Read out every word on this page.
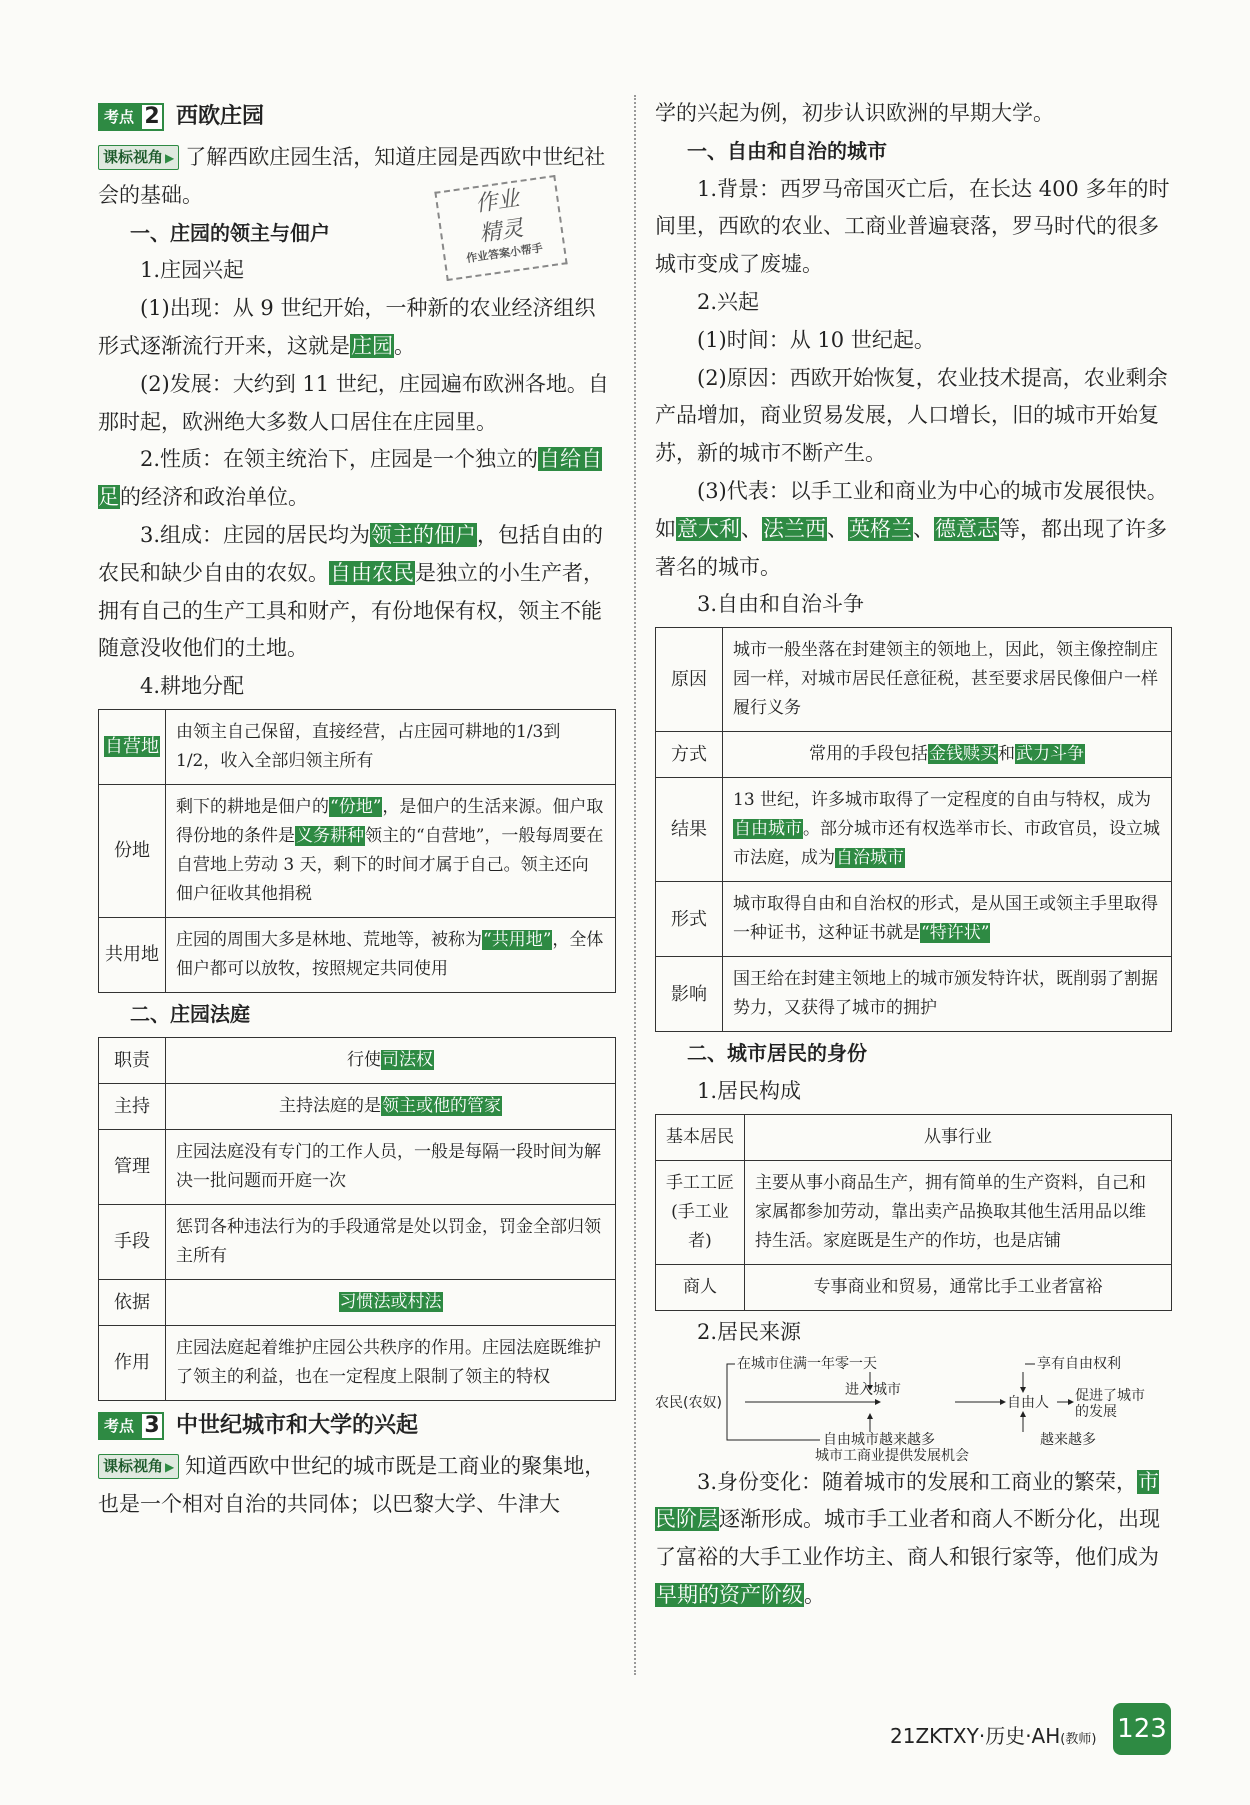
作业
精灵
作业答案小帮手
考点 2 西欧庄园

课标视角 ▶ 了解西欧庄园生活，知道庄园是西欧中世纪社会的基础。

一、庄园的领主与佃户

1.庄园兴起

(1)出现：从 9 世纪开始，一种新的农业经济组织形式逐渐流行开来，这就是庄园。

(2)发展：大约到 11 世纪，庄园遍布欧洲各地。自那时起，欧洲绝大多数人口居住在庄园里。

2.性质：在领主统治下，庄园是一个独立的自给自足的经济和政治单位。

3.组成：庄园的居民均为领主的佃户，包括自由的农民和缺少自由的农奴。自由农民是独立的小生产者，拥有自己的生产工具和财产，有份地保有权，领主不能随意没收他们的土地。

4.耕地分配

自营地	由领主自己保留，直接经营，占庄园可耕地的1/3到 1/2，收入全部归领主所有
份地	剩下的耕地是佃户的“份地”，是佃户的生活来源。佃户取得份地的条件是义务耕种领主的“自营地”，一般每周要在自营地上劳动 3 天，剩下的时间才属于自己。领主还向佃户征收其他捐税
共用地	庄园的周围大多是林地、荒地等，被称为“共用地”，全体佃户都可以放牧，按照规定共同使用

二、庄园法庭

职责	行使司法权
主持	主持法庭的是领主或他的管家
管理	庄园法庭没有专门的工作人员，一般是每隔一段时间为解决一批问题而开庭一次
手段	惩罚各种违法行为的手段通常是处以罚金，罚金全部归领主所有
依据	习惯法或村法
作用	庄园法庭起着维护庄园公共秩序的作用。庄园法庭既维护了领主的利益，也在一定程度上限制了领主的特权
考点 3 中世纪城市和大学的兴起

课标视角 ▶ 知道西欧中世纪的城市既是工商业的聚集地，也是一个相对自治的共同体；以巴黎大学、牛津大

学的兴起为例，初步认识欧洲的早期大学。

一、自由和自治的城市

1.背景：西罗马帝国灭亡后，在长达 400 多年的时间里，西欧的农业、工商业普遍衰落，罗马时代的很多城市变成了废墟。

2.兴起

(1)时间：从 10 世纪起。

(2)原因：西欧开始恢复，农业技术提高，农业剩余产品增加，商业贸易发展，人口增长，旧的城市开始复苏，新的城市不断产生。

(3)代表：以手工业和商业为中心的城市发展很快。如意大利、法兰西、英格兰、德意志等，都出现了许多著名的城市。

3.自由和自治斗争

原因	城市一般坐落在封建领主的领地上，因此，领主像控制庄园一样，对城市居民任意征税，甚至要求居民像佃户一样履行义务
方式	常用的手段包括金钱赎买和武力斗争
结果	13 世纪，许多城市取得了一定程度的自由与特权，成为自由城市。部分城市还有权选举市长、市政官员，设立城市法庭，成为自治城市
形式	城市取得自由和自治权的形式，是从国王或领主手里取得一种证书，这种证书就是“特许状”
影响	国王给在封建主领地上的城市颁发特许状，既削弱了割据势力，又获得了城市的拥护

二、城市居民的身份

1.居民构成

基本居民	从事行业
手工工匠(手工业者)	主要从事小商品生产，拥有简单的生产资料，自己和家属都参加劳动，靠出卖产品换取其他生活用品以维持生活。家庭既是生产的作坊，也是店铺
商人	专事商业和贸易，通常比手工业者富裕

2.居民来源

农民(农奴)
在城市住满一年零一天	享有自由权利
进入城市
自由人 促进了城市的发展
自由城市越来越多	越来越多
城市工商业提供发展机会

3.身份变化：随着城市的发展和工商业的繁荣，市民阶层逐渐形成。城市手工业者和商人不断分化，出现了富裕的大手工业作坊主、商人和银行家等，他们成为早期的资产阶级。

21ZKTXY·历史·AH(教师) 123
